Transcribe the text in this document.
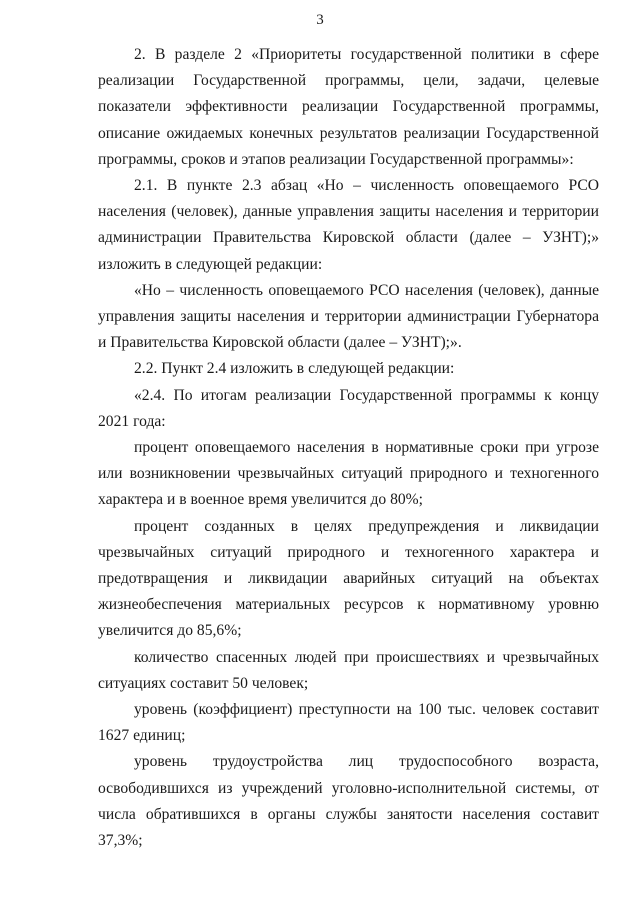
3

2. В разделе 2 «Приоритеты государственной политики в сфере реализации Государственной программы, цели, задачи, целевые показатели эффективности реализации Государственной программы, описание ожидаемых конечных результатов реализации Государственной программы, сроков и этапов реализации Государственной программы»:

2.1. В пункте 2.3 абзац «Но – численность оповещаемого РСО населения (человек), данные управления защиты населения и территории администрации Правительства Кировской области (далее – УЗНТ);» изложить в следующей редакции:

«Но – численность оповещаемого РСО населения (человек), данные управления защиты населения и территории администрации Губернатора и Правительства Кировской области (далее – УЗНТ);».

2.2. Пункт 2.4 изложить в следующей редакции:

«2.4. По итогам реализации Государственной программы к концу 2021 года:

процент оповещаемого населения в нормативные сроки при угрозе или возникновении чрезвычайных ситуаций природного и техногенного характера и в военное время увеличится до 80%;

процент созданных в целях предупреждения и ликвидации чрезвычайных ситуаций природного и техногенного характера и предотвращения и ликвидации аварийных ситуаций на объектах жизнеобеспечения материальных ресурсов к нормативному уровню увеличится до 85,6%;

количество спасенных людей при происшествиях и чрезвычайных ситуациях составит 50 человек;

уровень (коэффициент) преступности на 100 тыс. человек составит 1627 единиц;

уровень трудоустройства лиц трудоспособного возраста, освободившихся из учреждений уголовно-исполнительной системы, от числа обратившихся в органы службы занятости населения составит 37,3%;
